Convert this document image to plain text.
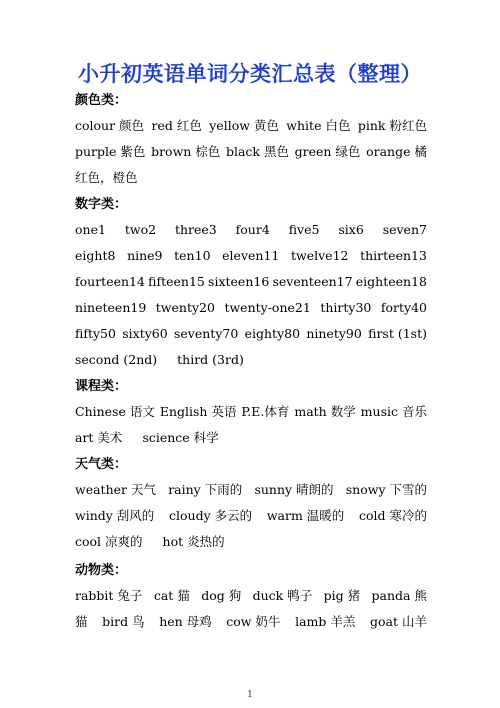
小升初英语单词分类汇总表（整理）
颜色类：
colour 颜色 red 红色 yellow 黄色 white 白色 pink 粉红色
purple 紫色 brown 棕色 black 黑色 green 绿色 orange 橘
红色，橙色
数字类：
one1 two2 three3 four4 five5 six6 seven7
eight8 nine9 ten10 eleven11 twelve12 thirteen13
fourteen14 fifteen15 sixteen16 seventeen17 eighteen18
nineteen19 twenty20 twenty-one21 thirty30 forty40
fifty50 sixty60 seventy70 eighty80 ninety90 first (1st)
second (2nd) third (3rd)
课程类：
Chinese 语文 English 英语 P.E.体育 math 数学 music 音乐
art 美术 science 科学
天气类：
weather 天气 rainy 下雨的 sunny 晴朗的 snowy 下雪的
windy 刮风的 cloudy 多云的 warm 温暖的 cold 寒冷的
cool 凉爽的 hot 炎热的
动物类：
rabbit 兔子 cat 猫 dog 狗 duck 鸭子 pig 猪 panda 熊
猫 bird 鸟 hen 母鸡 cow 奶牛 lamb 羊羔 goat 山羊
1
